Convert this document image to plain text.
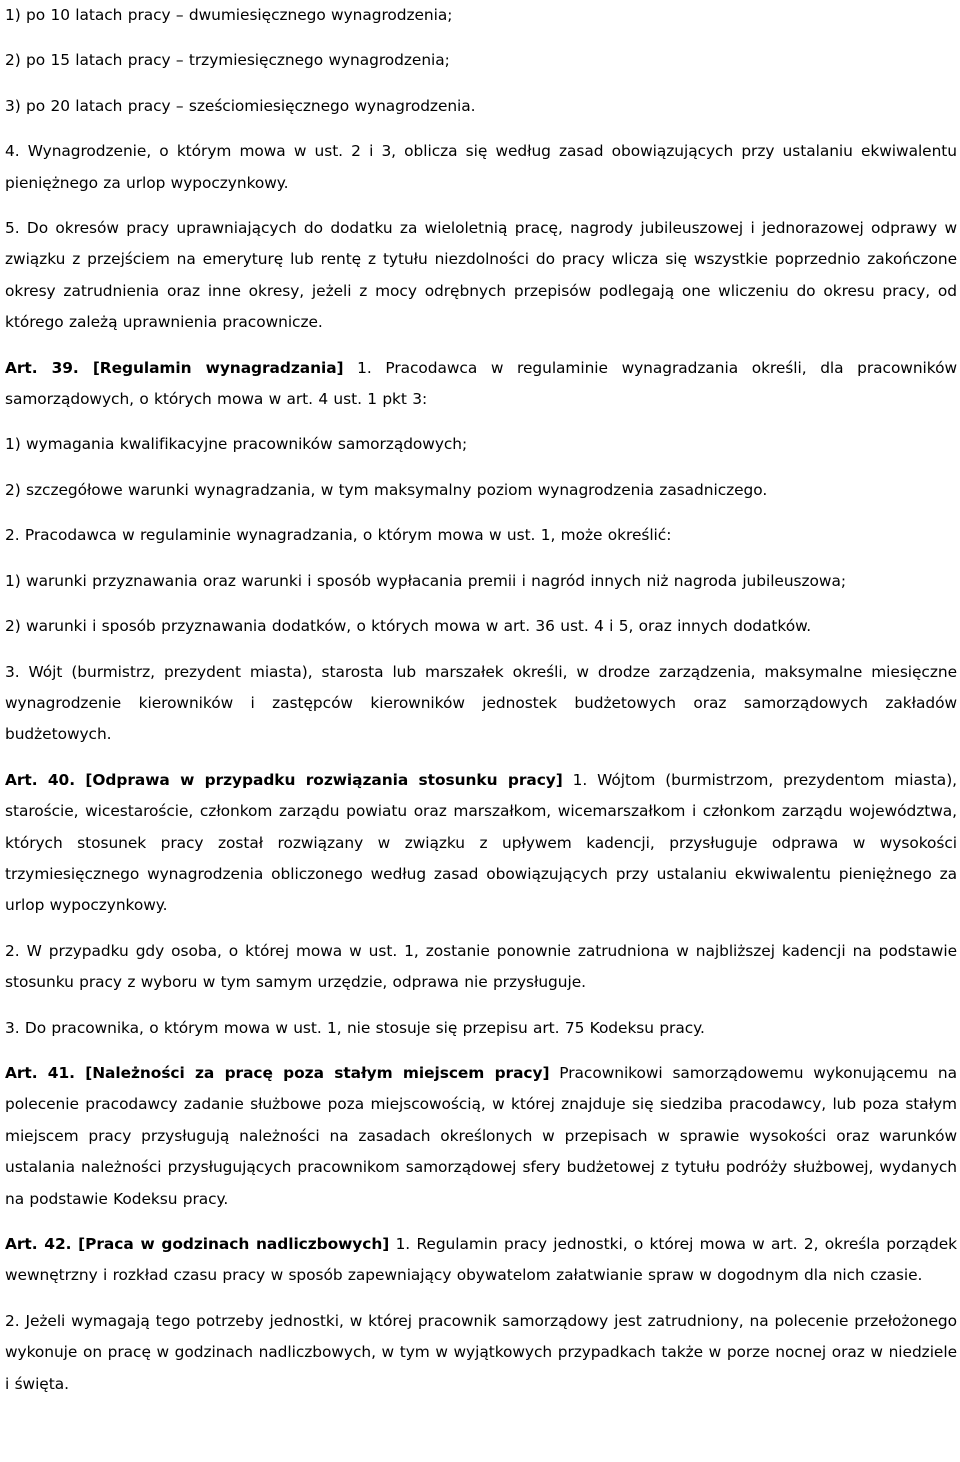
1) po 10 latach pracy – dwumiesięcznego wynagrodzenia;

2) po 15 latach pracy – trzymiesięcznego wynagrodzenia;

3) po 20 latach pracy – sześciomiesięcznego wynagrodzenia.

4. Wynagrodzenie, o którym mowa w ust. 2 i 3, oblicza się według zasad obowiązujących przy ustalaniu ekwiwalentu pieniężnego za urlop wypoczynkowy.

5. Do okresów pracy uprawniających do dodatku za wieloletnią pracę, nagrody jubileuszowej i jednorazowej odprawy w związku z przejściem na emeryturę lub rentę z tytułu niezdolności do pracy wlicza się wszystkie poprzednio zakończone okresy zatrudnienia oraz inne okresy, jeżeli z mocy odrębnych przepisów podlegają one wliczeniu do okresu pracy, od którego zależą uprawnienia pracownicze.

Art. 39. [Regulamin wynagradzania] 1. Pracodawca w regulaminie wynagradzania określi, dla pracowników samorządowych, o których mowa w art. 4 ust. 1 pkt 3:

1) wymagania kwalifikacyjne pracowników samorządowych;

2) szczegółowe warunki wynagradzania, w tym maksymalny poziom wynagrodzenia zasadniczego.

2. Pracodawca w regulaminie wynagradzania, o którym mowa w ust. 1, może określić:

1) warunki przyznawania oraz warunki i sposób wypłacania premii i nagród innych niż nagroda jubileuszowa;

2) warunki i sposób przyznawania dodatków, o których mowa w art. 36 ust. 4 i 5, oraz innych dodatków.

3. Wójt (burmistrz, prezydent miasta), starosta lub marszałek określi, w drodze zarządzenia, maksymalne miesięczne wynagrodzenie kierowników i zastępców kierowników jednostek budżetowych oraz samorządowych zakładów budżetowych.

Art. 40. [Odprawa w przypadku rozwiązania stosunku pracy] 1. Wójtom (burmistrzom, prezydentom miasta), staroście, wicestaroście, członkom zarządu powiatu oraz marszałkom, wicemarszałkom i członkom zarządu województwa, których stosunek pracy został rozwiązany w związku z upływem kadencji, przysługuje odprawa w wysokości trzymiesięcznego wynagrodzenia obliczonego według zasad obowiązujących przy ustalaniu ekwiwalentu pieniężnego za urlop wypoczynkowy.

2. W przypadku gdy osoba, o której mowa w ust. 1, zostanie ponownie zatrudniona w najbliższej kadencji na podstawie stosunku pracy z wyboru w tym samym urzędzie, odprawa nie przysługuje.

3. Do pracownika, o którym mowa w ust. 1, nie stosuje się przepisu art. 75 Kodeksu pracy.

Art. 41. [Należności za pracę poza stałym miejscem pracy] Pracownikowi samorządowemu wykonującemu na polecenie pracodawcy zadanie służbowe poza miejscowością, w której znajduje się siedziba pracodawcy, lub poza stałym miejscem pracy przysługują należności na zasadach określonych w przepisach w sprawie wysokości oraz warunków ustalania należności przysługujących pracownikom samorządowej sfery budżetowej z tytułu podróży służbowej, wydanych na podstawie Kodeksu pracy.

Art. 42. [Praca w godzinach nadliczbowych] 1. Regulamin pracy jednostki, o której mowa w art. 2, określa porządek wewnętrzny i rozkład czasu pracy w sposób zapewniający obywatelom załatwianie spraw w dogodnym dla nich czasie.

2. Jeżeli wymagają tego potrzeby jednostki, w której pracownik samorządowy jest zatrudniony, na polecenie przełożonego wykonuje on pracę w godzinach nadliczbowych, w tym w wyjątkowych przypadkach także w porze nocnej oraz w niedziele i święta.
